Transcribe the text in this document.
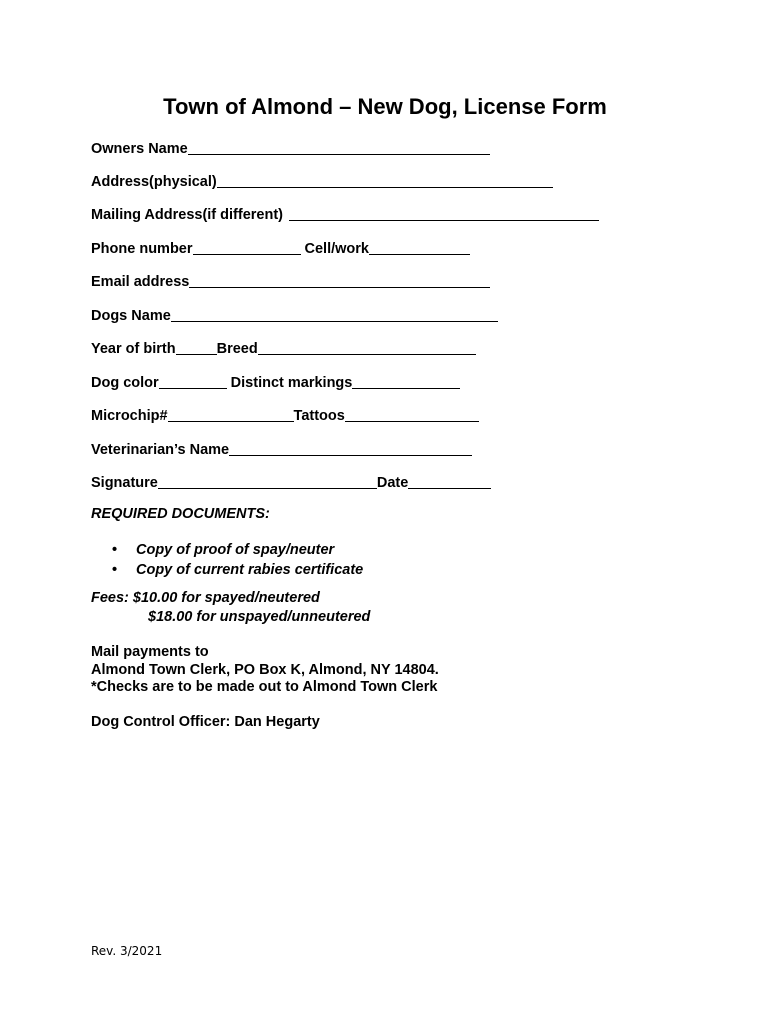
Town of Almond – New Dog, License Form
Owners Name
Address(physical)
Mailing Address(if different)
Phone number	Cell/work
Email address
Dogs Name
Year of birth	Breed
Dog color	Distinct markings
Microchip#	Tattoos
Veterinarian’s Name
Signature	Date
REQUIRED DOCUMENTS:
•	Copy of proof of spay/neuter
•	Copy of current rabies certificate
Fees: $10.00 for spayed/neutered
$18.00 for unspayed/unneutered
Mail payments to
Almond Town Clerk, PO Box K, Almond, NY 14804.
*Checks are to be made out to Almond Town Clerk
Dog Control Officer: Dan Hegarty
Rev. 3/2021
